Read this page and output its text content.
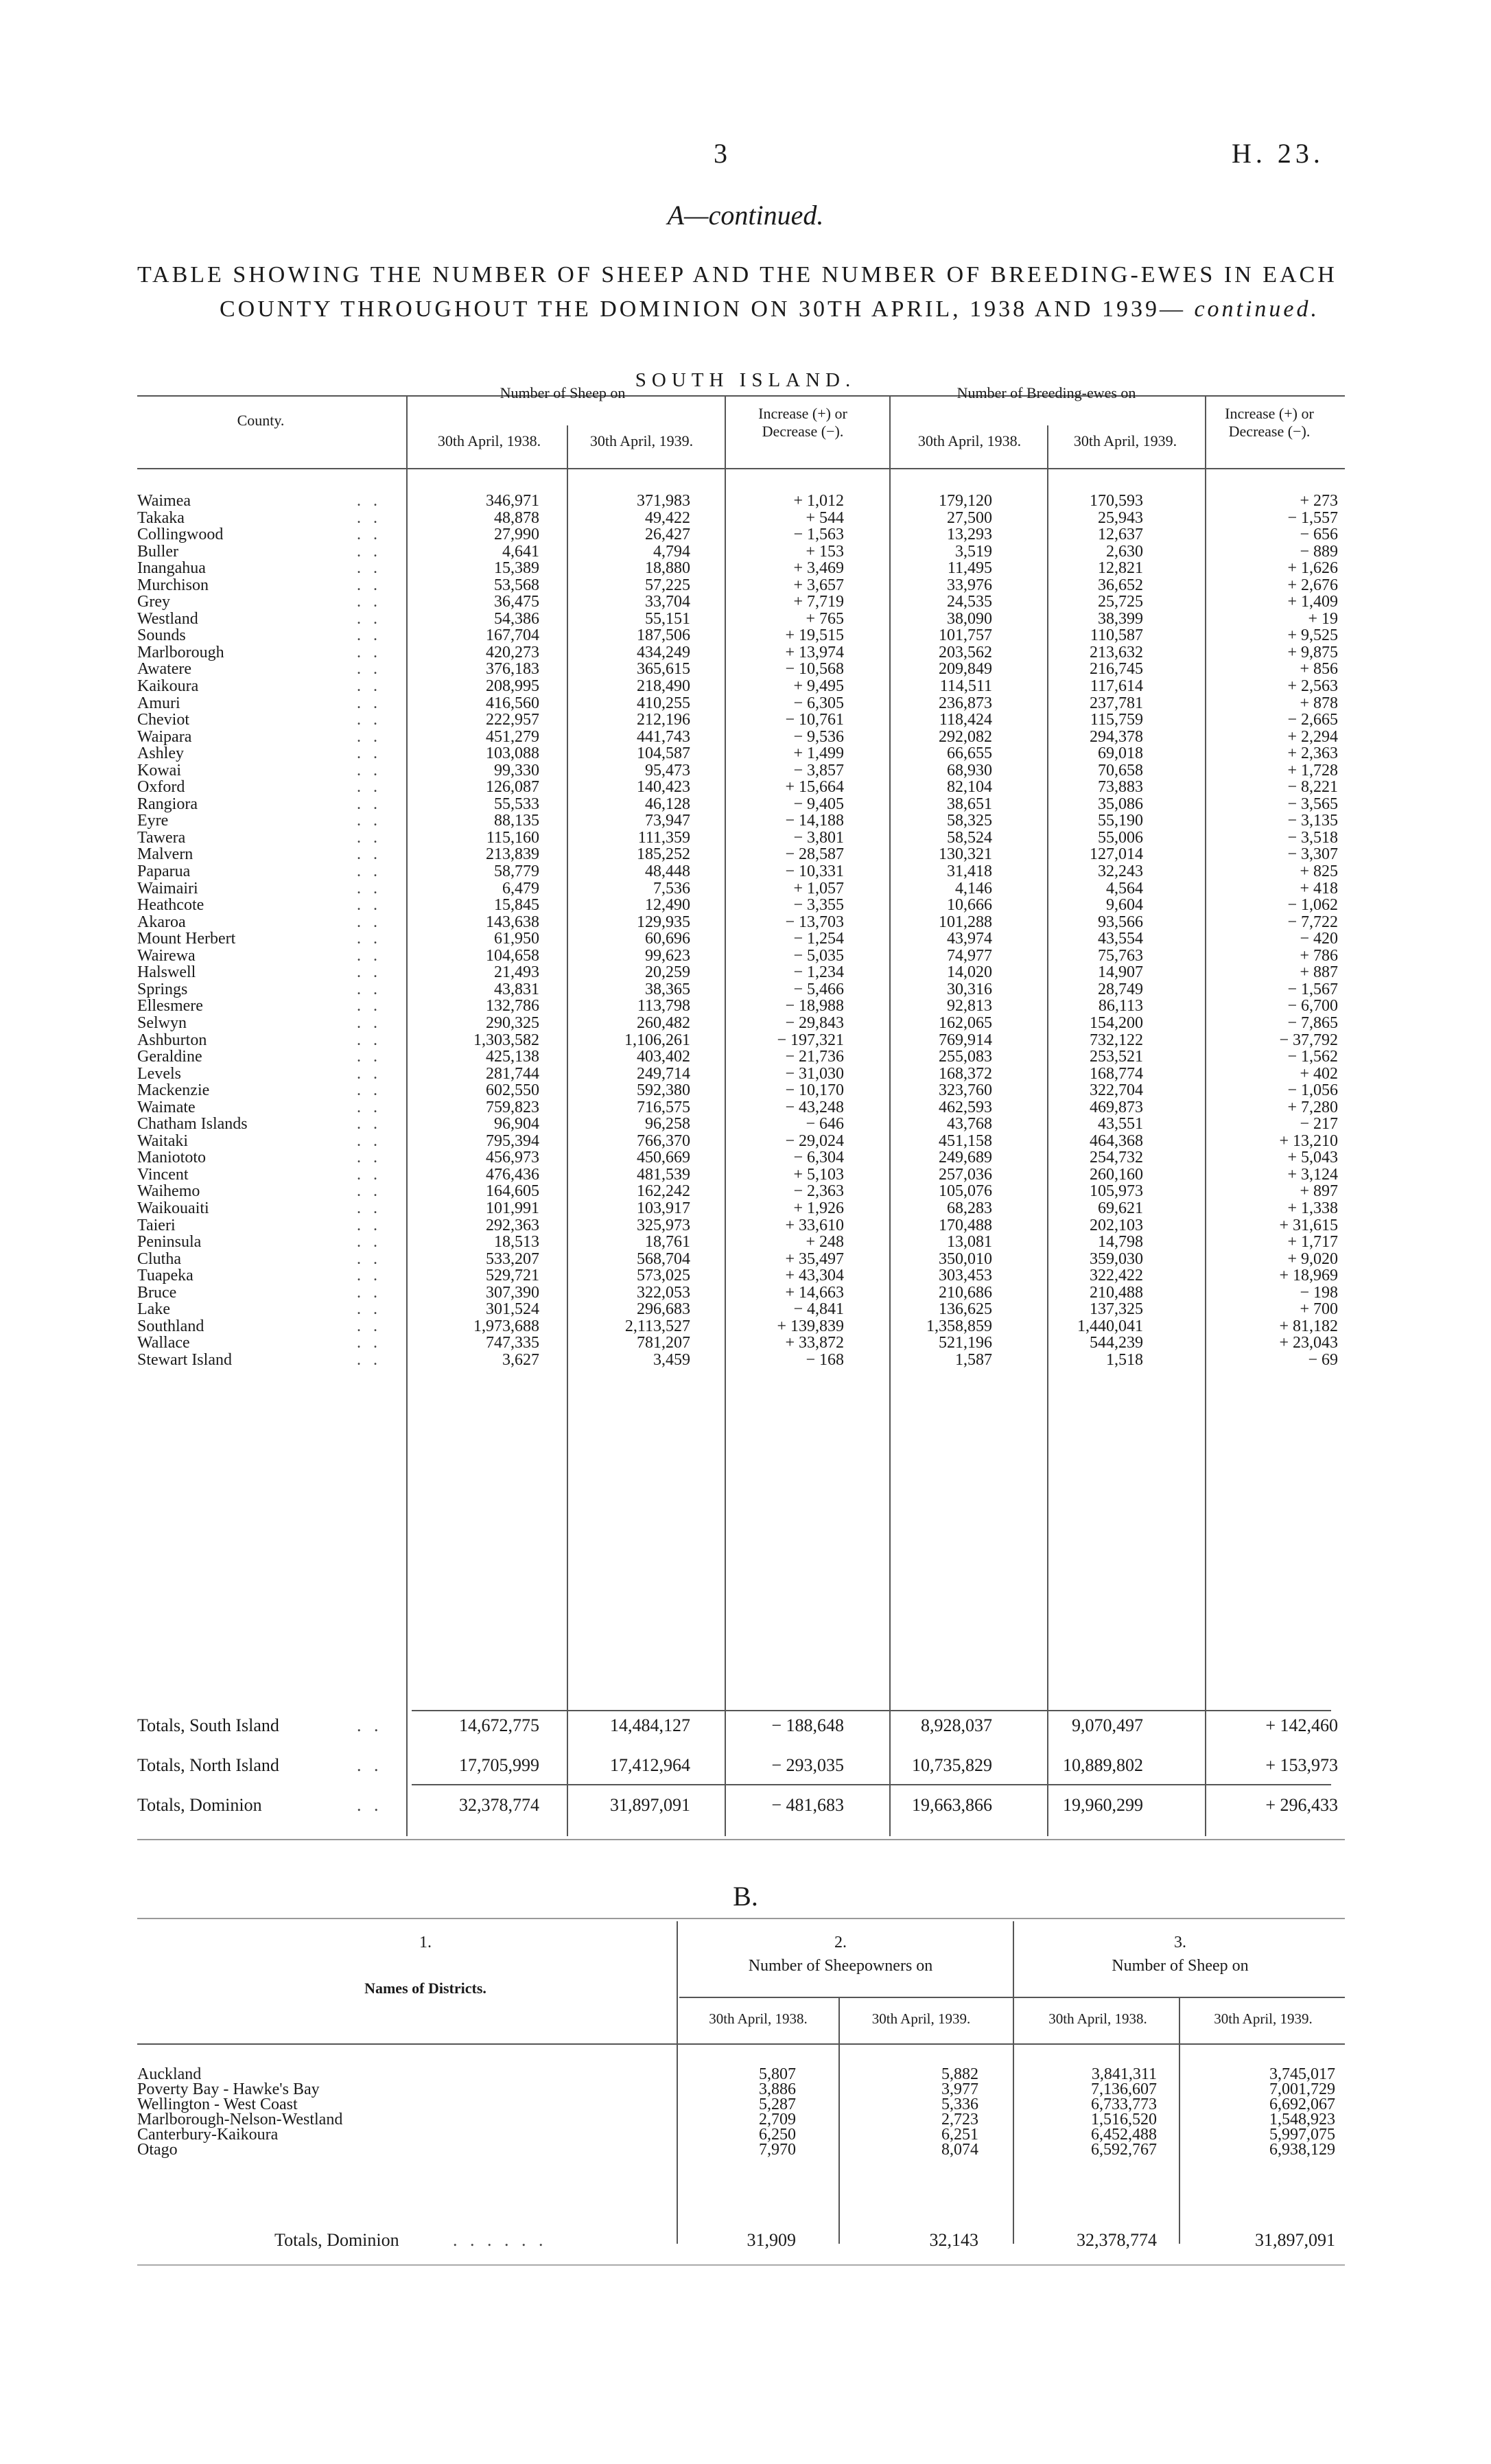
3	H. 23.
A—continued.
TABLE SHOWING THE NUMBER OF SHEEP AND THE NUMBER OF BREEDING-EWES IN EACH
COUNTY THROUGHOUT THE DOMINION ON 30TH APRIL, 1938 AND 1939— continued.
SOUTH ISLAND.
County.
Number of Sheep on
30th April, 1938.	30th April, 1939.
Increase (+) or Decrease (−).
Number of Breeding-ewes on
30th April, 1938.	30th April, 1939.
Increase (+) or Decrease (−).
Waimea	346,971	371,983	+ 1,012	179,120	170,593	+ 273
. .
Takaka	48,878	49,422	+ 544	27,500	25,943	− 1,557
. .
Collingwood	27,990	26,427	− 1,563	13,293	12,637	− 656
. .
Buller	4,641	4,794	+ 153	3,519	2,630	− 889
. .
Inangahua	15,389	18,880	+ 3,469	11,495	12,821	+ 1,626
. .
Murchison	53,568	57,225	+ 3,657	33,976	36,652	+ 2,676
. .
Grey	36,475	33,704	+ 7,719	24,535	25,725	+ 1,409
. .
Westland	54,386	55,151	+ 765	38,090	38,399	+ 19
. .
Sounds	167,704	187,506	+ 19,515	101,757	110,587	+ 9,525
. .
Marlborough	420,273	434,249	+ 13,974	203,562	213,632	+ 9,875
. .
Awatere	376,183	365,615	− 10,568	209,849	216,745	+ 856
. .
Kaikoura	208,995	218,490	+ 9,495	114,511	117,614	+ 2,563
. .
Amuri	416,560	410,255	− 6,305	236,873	237,781	+ 878
. .
Cheviot	222,957	212,196	− 10,761	118,424	115,759	− 2,665
. .
Waipara	451,279	441,743	− 9,536	292,082	294,378	+ 2,294
. .
Ashley	103,088	104,587	+ 1,499	66,655	69,018	+ 2,363
. .
Kowai	99,330	95,473	− 3,857	68,930	70,658	+ 1,728
. .
Oxford	126,087	140,423	+ 15,664	82,104	73,883	− 8,221
. .
Rangiora	55,533	46,128	− 9,405	38,651	35,086	− 3,565
. .
Eyre	88,135	73,947	− 14,188	58,325	55,190	− 3,135
. .
Tawera	115,160	111,359	− 3,801	58,524	55,006	− 3,518
. .
Malvern	213,839	185,252	− 28,587	130,321	127,014	− 3,307
. .
Paparua	58,779	48,448	− 10,331	31,418	32,243	+ 825
. .
Waimairi	6,479	7,536	+ 1,057	4,146	4,564	+ 418
. .
Heathcote	15,845	12,490	− 3,355	10,666	9,604	− 1,062
. .
Akaroa	143,638	129,935	− 13,703	101,288	93,566	− 7,722
. .
Mount Herbert	61,950	60,696	− 1,254	43,974	43,554	− 420
. .
Wairewa	104,658	99,623	− 5,035	74,977	75,763	+ 786
. .
Halswell	21,493	20,259	− 1,234	14,020	14,907	+ 887
. .
Springs	43,831	38,365	− 5,466	30,316	28,749	− 1,567
. .
Ellesmere	132,786	113,798	− 18,988	92,813	86,113	− 6,700
. .
Selwyn	290,325	260,482	− 29,843	162,065	154,200	− 7,865
. .
Ashburton	1,303,582	1,106,261	− 197,321	769,914	732,122	− 37,792
. .
Geraldine	425,138	403,402	− 21,736	255,083	253,521	− 1,562
. .
Levels	281,744	249,714	− 31,030	168,372	168,774	+ 402
. .
Mackenzie	602,550	592,380	− 10,170	323,760	322,704	− 1,056
. .
Waimate	759,823	716,575	− 43,248	462,593	469,873	+ 7,280
. .
Chatham Islands	96,904	96,258	− 646	43,768	43,551	− 217
. .
Waitaki	795,394	766,370	− 29,024	451,158	464,368	+ 13,210
. .
Maniototo	456,973	450,669	− 6,304	249,689	254,732	+ 5,043
. .
Vincent	476,436	481,539	+ 5,103	257,036	260,160	+ 3,124
. .
Waihemo	164,605	162,242	− 2,363	105,076	105,973	+ 897
. .
Waikouaiti	101,991	103,917	+ 1,926	68,283	69,621	+ 1,338
. .
Taieri	292,363	325,973	+ 33,610	170,488	202,103	+ 31,615
. .
Peninsula	18,513	18,761	+ 248	13,081	14,798	+ 1,717
. .
Clutha	533,207	568,704	+ 35,497	350,010	359,030	+ 9,020
. .
Tuapeka	529,721	573,025	+ 43,304	303,453	322,422	+ 18,969
. .
Bruce	307,390	322,053	+ 14,663	210,686	210,488	− 198
. .
Lake	301,524	296,683	− 4,841	136,625	137,325	+ 700
. .
Southland	1,973,688	2,113,527	+ 139,839	1,358,859	1,440,041	+ 81,182
. .
Wallace	747,335	781,207	+ 33,872	521,196	544,239	+ 23,043
. .
Stewart Island	3,627	3,459	− 168	1,587	1,518	− 69
. .
Totals, South Island	. .	14,672,775	14,484,127	− 188,648	8,928,037	9,070,497	+ 142,460
Totals, North Island	. .	17,705,999	17,412,964	− 293,035	10,735,829	10,889,802	+ 153,973
Totals, Dominion	. .	32,378,774	31,897,091	− 481,683	19,663,866	19,960,299	+ 296,433
B.
1.
Names of Districts.
2.
Number of Sheepowners on
3.
Number of Sheep on
30th April, 1938.	30th April, 1939.	30th April, 1938.	30th April, 1939.
Auckland	5,807	5,882	3,841,311	3,745,017
Poverty Bay - Hawke's Bay	3,886	3,977	7,136,607	7,001,729
Wellington - West Coast	5,287	5,336	6,733,773	6,692,067
Marlborough-Nelson-Westland	2,709	2,723	1,516,520	1,548,923
Canterbury-Kaikoura	6,250	6,251	6,452,488	5,997,075
Otago	7,970	8,074	6,592,767	6,938,129
Totals, Dominion	. . . . . .	31,909	32,143	32,378,774	31,897,091
